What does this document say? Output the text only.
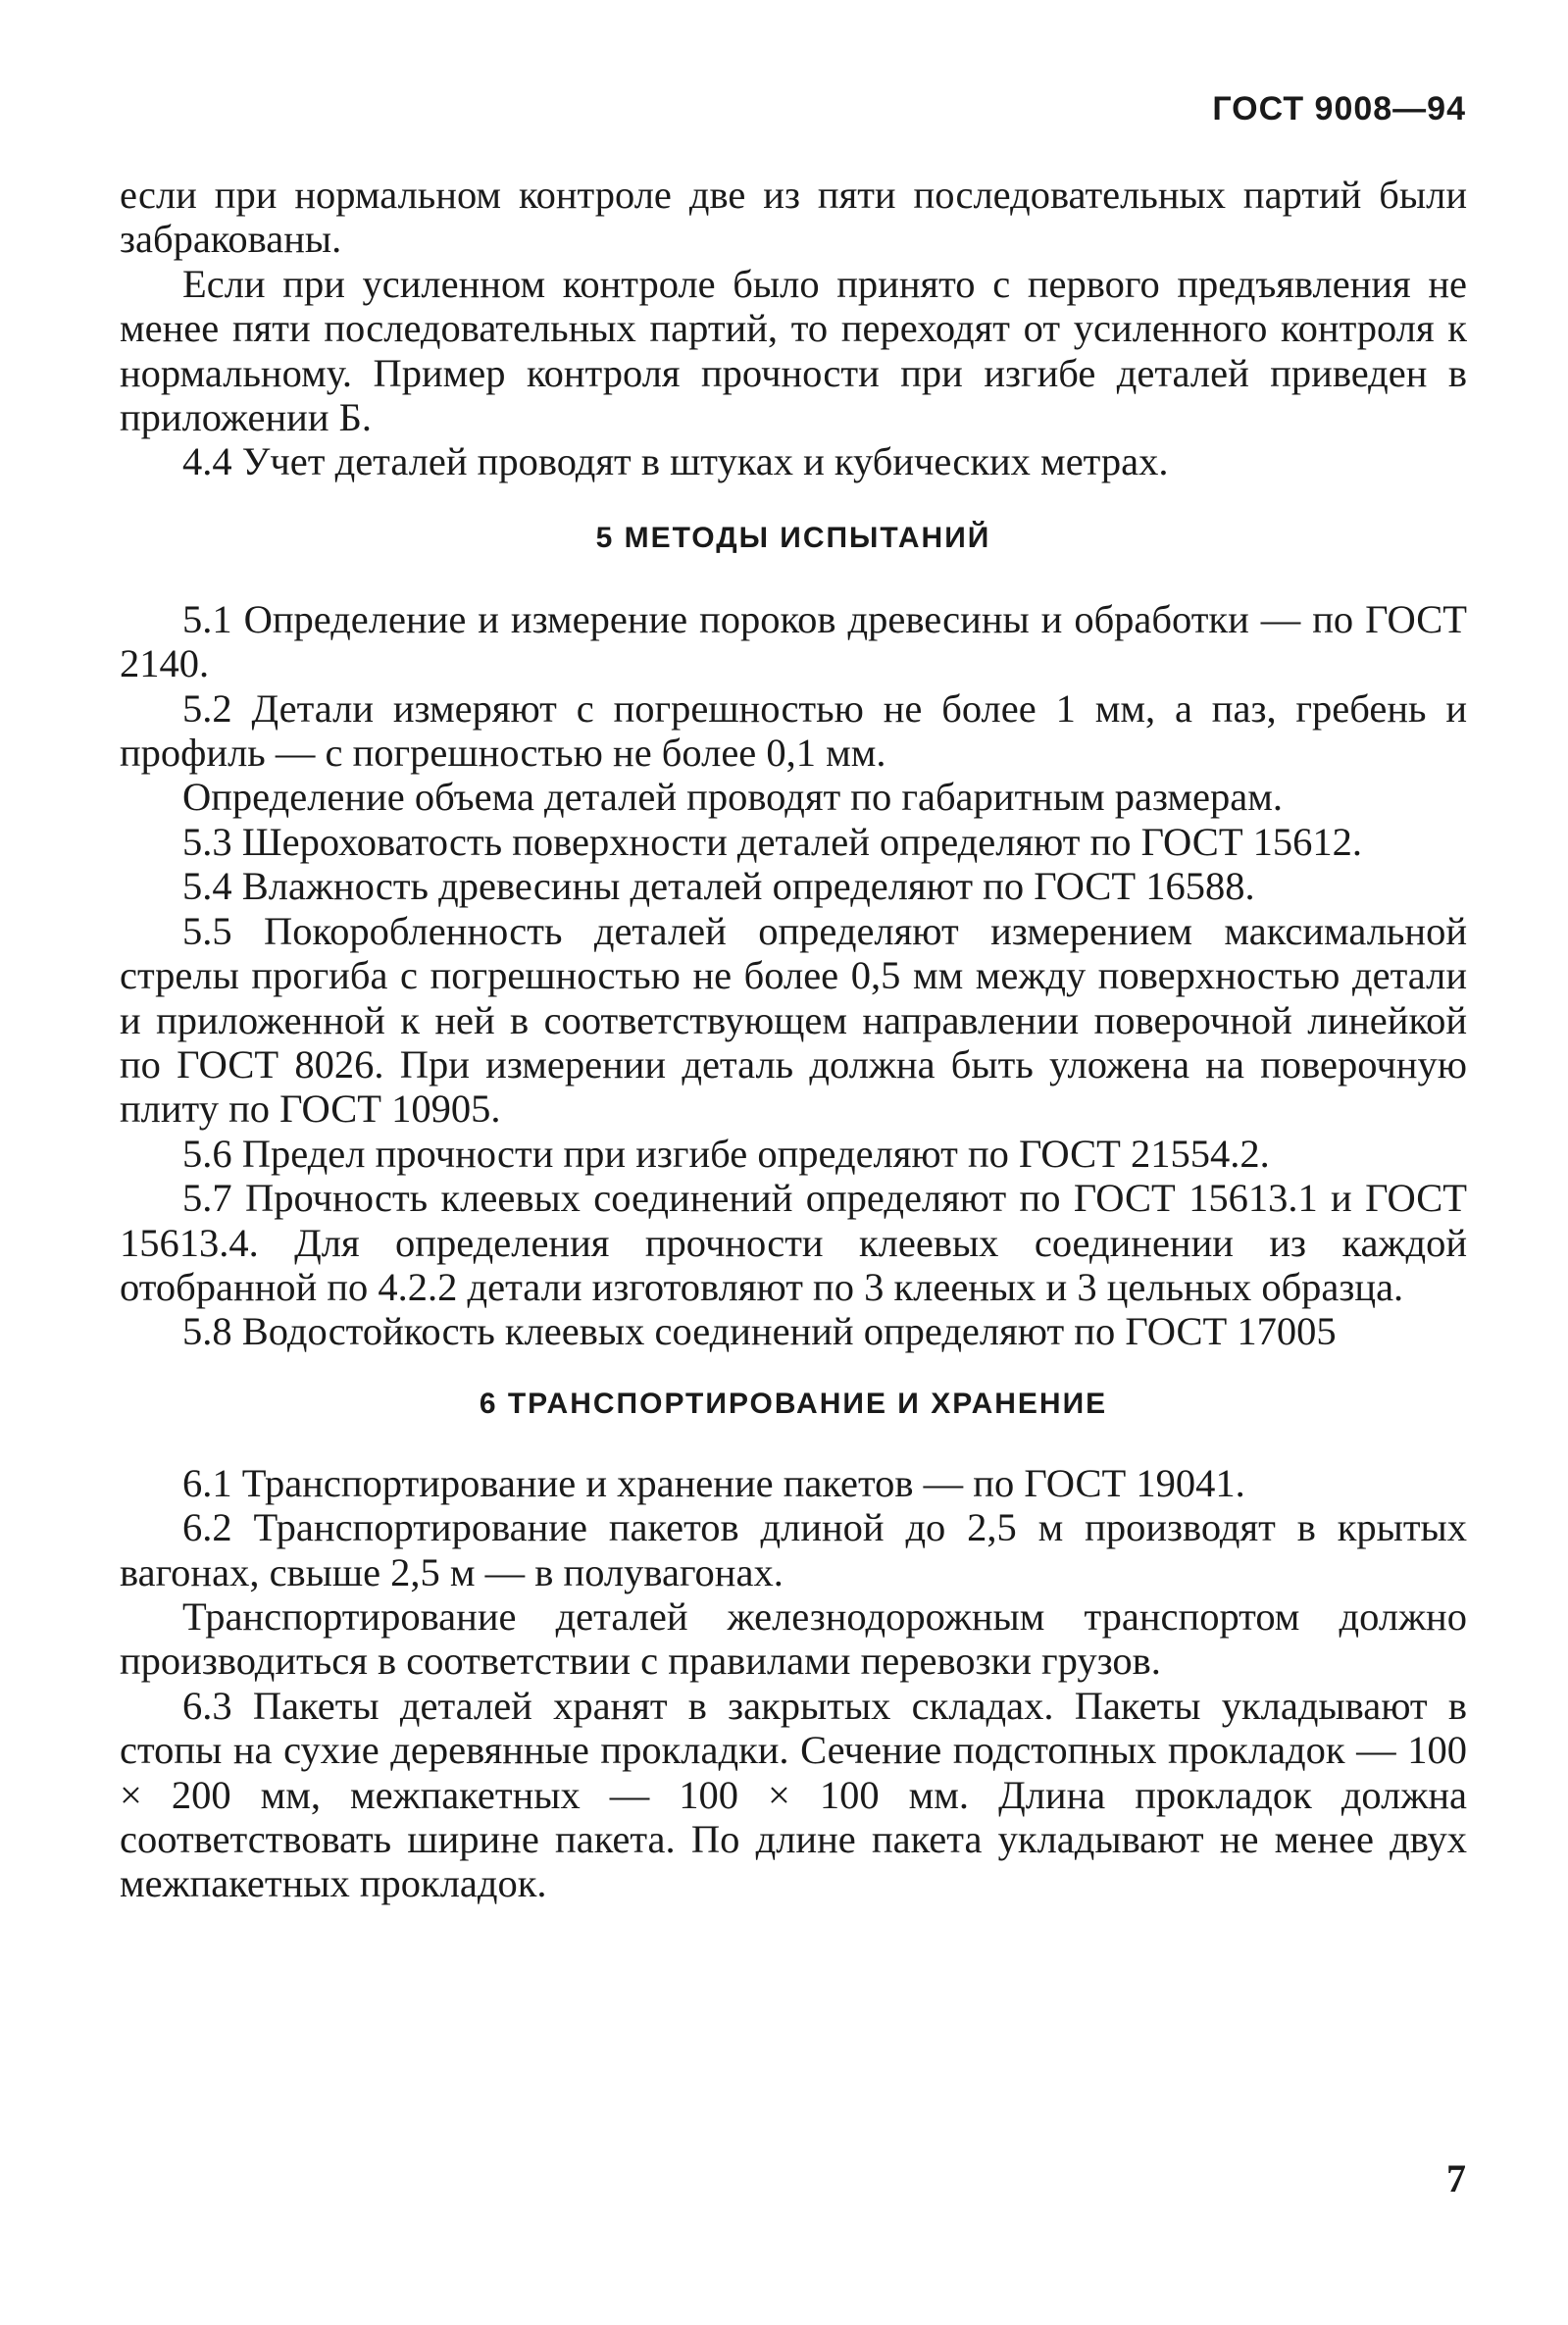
ГОСТ 9008—94

если при нормальном контроле две из пяти последовательных партий были забракованы.

Если при усиленном контроле было принято с первого предъявления не менее пяти последовательных партий, то переходят от усиленного контроля к нормальному. Пример контроля прочности при изгибе деталей приведен в приложении Б.

4.4 Учет деталей проводят в штуках и кубических метрах.

5 МЕТОДЫ ИСПЫТАНИЙ

5.1 Определение и измерение пороков древесины и обработки — по ГОСТ 2140.

5.2 Детали измеряют с погрешностью не более 1 мм, а паз, гребень и профиль — с погрешностью не более 0,1 мм.

Определение объема деталей проводят по габаритным размерам.

5.3 Шероховатость поверхности деталей определяют по ГОСТ 15612.

5.4 Влажность древесины деталей определяют по ГОСТ 16588.

5.5 Покоробленность деталей определяют измерением максимальной стрелы прогиба с погрешностью не более 0,5 мм между поверхностью детали и приложенной к ней в соответствующем направлении поверочной линейкой по ГОСТ 8026. При измерении деталь должна быть уложена на поверочную плиту по ГОСТ 10905.

5.6 Предел прочности при изгибе определяют по ГОСТ 21554.2.

5.7 Прочность клеевых соединений определяют по ГОСТ 15613.1 и ГОСТ 15613.4. Для определения прочности клеевых соединении из каждой отобранной по 4.2.2 детали изготовляют по 3 клееных и 3 цельных образца.

5.8 Водостойкость клеевых соединений определяют по ГОСТ 17005

6 ТРАНСПОРТИРОВАНИЕ И ХРАНЕНИЕ

6.1 Транспортирование и хранение пакетов — по ГОСТ 19041.

6.2 Транспортирование пакетов длиной до 2,5 м производят в крытых вагонах, свыше 2,5 м — в полувагонах.

Транспортирование деталей железнодорожным транспортом должно производиться в соответствии с правилами перевозки грузов.

6.3 Пакеты деталей хранят в закрытых складах. Пакеты укладывают в стопы на сухие деревянные прокладки. Сечение подстопных прокладок — 100 × 200 мм, межпакетных — 100 × 100 мм. Длина прокладок должна соответствовать ширине пакета. По длине пакета укладывают не менее двух межпакетных прокладок.

7
